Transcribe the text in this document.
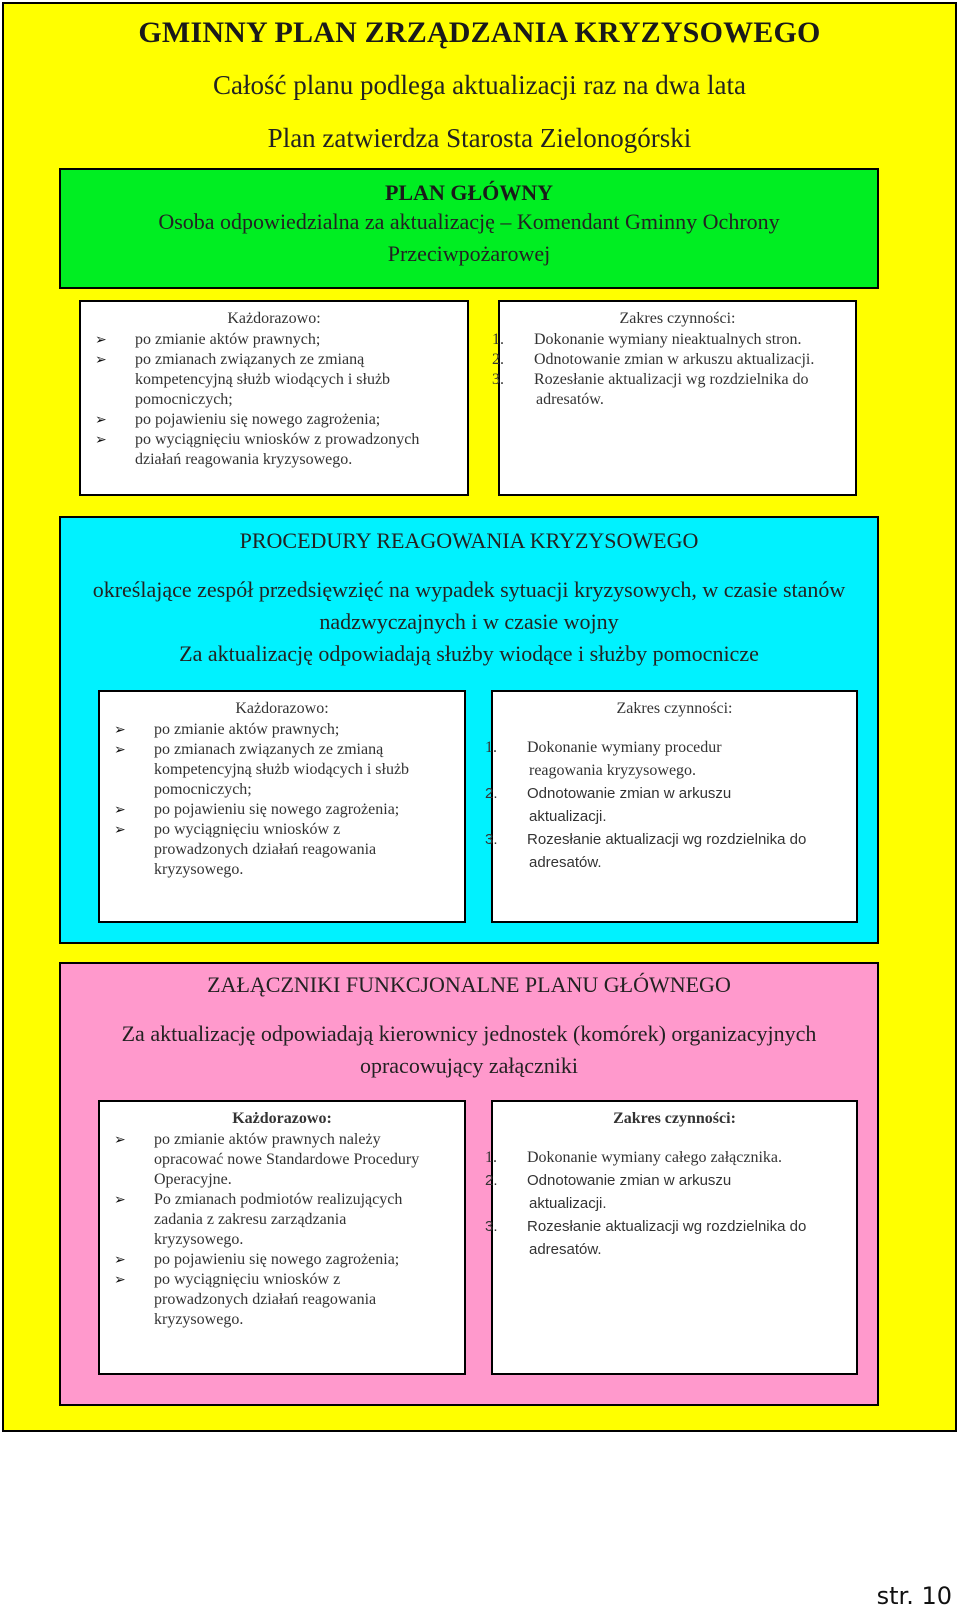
GMINNY PLAN ZRZĄDZANIA KRYZYSOWEGO
Całość planu podlega aktualizacji raz na dwa lata
Plan zatwierdza Starosta Zielonogórski
PLAN GŁÓWNY
Osoba odpowiedzialna za aktualizację – Komendant Gminny Ochrony Przeciwpożarowej
Każdorazowo:
➢ po zmianie aktów prawnych;
➢ po zmianach związanych ze zmianą kompetencyjną służb wiodących i służb pomocniczych;
➢ po pojawieniu się nowego zagrożenia;
➢ po wyciągnięciu wniosków z prowadzonych działań reagowania kryzysowego.
Zakres czynności:
1. Dokonanie wymiany nieaktualnych stron.
2. Odnotowanie zmian w arkuszu aktualizacji.
3. Rozesłanie aktualizacji wg rozdzielnika do adresatów.
PROCEDURY REAGOWANIA KRYZYSOWEGO
określające zespół przedsięwzięć na wypadek sytuacji kryzysowych, w czasie stanów nadzwyczajnych i w czasie wojny
Za aktualizację odpowiadają służby wiodące i służby pomocnicze
Każdorazowo:
➢ po zmianie aktów prawnych;
➢ po zmianach związanych ze zmianą kompetencyjną służb wiodących i służb pomocniczych;
➢ po pojawieniu się nowego zagrożenia;
➢ po wyciągnięciu wniosków z prowadzonych działań reagowania kryzysowego.
Zakres czynności:
1. Dokonanie wymiany procedur reagowania kryzysowego.
2. Odnotowanie zmian w arkuszu aktualizacji.
3. Rozesłanie aktualizacji wg rozdzielnika do adresatów.
ZAŁĄCZNIKI FUNKCJONALNE PLANU GŁÓWNEGO
Za aktualizację odpowiadają kierownicy jednostek (komórek) organizacyjnych opracowujący załączniki
Każdorazowo:
➢ po zmianie aktów prawnych należy opracować nowe Standardowe Procedury Operacyjne.
➢ Po zmianach podmiotów realizujących zadania z zakresu zarządzania kryzysowego.
➢ po pojawieniu się nowego zagrożenia;
➢ po wyciągnięciu wniosków z prowadzonych działań reagowania kryzysowego.
Zakres czynności:
1. Dokonanie wymiany całego załącznika.
2. Odnotowanie zmian w arkuszu aktualizacji.
3. Rozesłanie aktualizacji wg rozdzielnika do adresatów.
str. 10
